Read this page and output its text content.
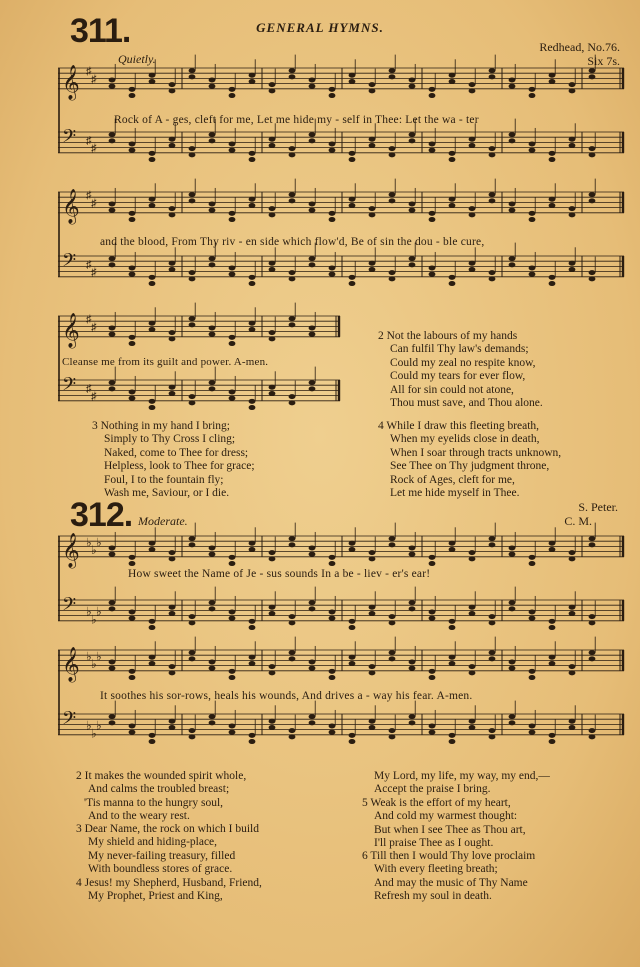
GENERAL HYMNS.
311.
Quietly.
Redhead, No.76.
Six 7s.
𝄞 ♯
♯
𝄢 ♯
♯
Rock of A - ges, cleft for me, Let me hide my - self in Thee: Let the wa - ter
𝄞 ♯
♯
𝄢 ♯
♯
and the blood, From Thy riv - en side which flow'd, Be of sin the dou - ble cure,
𝄞 ♯
♯
𝄢 ♯
♯
Cleanse me from its guilt and power. A-men.
2 Not the labours of my hands
Can fulfil Thy law's demands;
Could my zeal no respite know,
Could my tears for ever flow,
All for sin could not atone,
Thou must save, and Thou alone.
3 Nothing in my hand I bring;
Simply to Thy Cross I cling;
Naked, come to Thee for dress;
Helpless, look to Thee for grace;
Foul, I to the fountain fly;
Wash me, Saviour, or I die.
4 While I draw this fleeting breath,
When my eyelids close in death,
When I soar through tracts unknown,
See Thee on Thy judgment throne,
Rock of Ages, cleft for me,
Let me hide myself in Thee.
312. Moderate.
S. Peter.
C. M.
𝄞 ♭
♭
♭
𝄢 ♭
♭
♭
How sweet the Name of Je - sus sounds In a be - liev - er's ear!
𝄞 ♭
♭
♭
𝄢 ♭
♭
♭
It soothes his sor-rows, heals his wounds, And drives a - way his fear. A-men.
2 It makes the wounded spirit whole,
And calms the troubled breast;
'Tis manna to the hungry soul,
And to the weary rest.
3 Dear Name, the rock on which I build
My shield and hiding-place,
My never-failing treasury, filled
With boundless stores of grace.
4 Jesus! my Shepherd, Husband, Friend,
My Prophet, Priest and King,
My Lord, my life, my way, my end,—
Accept the praise I bring.
5 Weak is the effort of my heart,
And cold my warmest thought:
But when I see Thee as Thou art,
I'll praise Thee as I ought.
6 Till then I would Thy love proclaim
With every fleeting breath;
And may the music of Thy Name
Refresh my soul in death.
